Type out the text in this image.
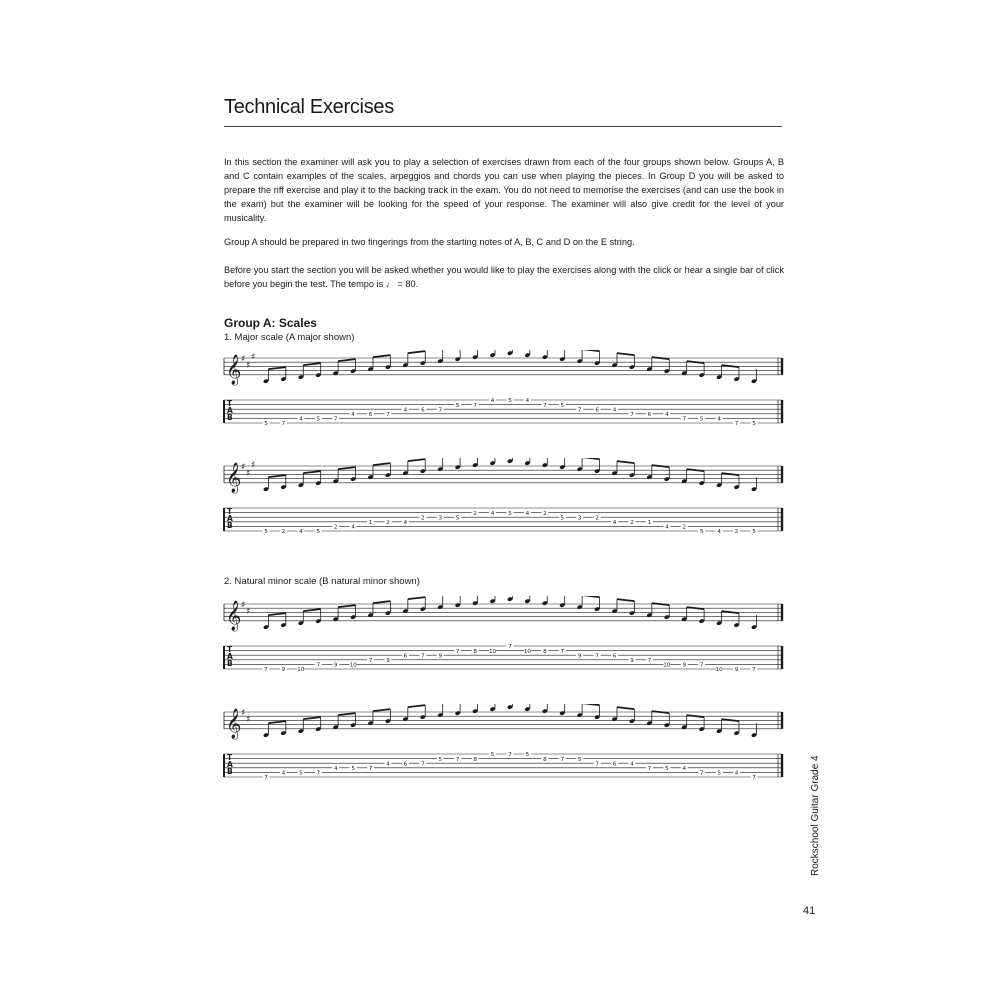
Technical Exercises

In this section the examiner will ask you to play a selection of exercises drawn from each of the four groups shown below. Groups A, B and C contain examples of the scales, arpeggios and chords you can use when playing the pieces. In Group D you will be asked to prepare the riff exercise and play it to the backing track in the exam. You do not need to memorise the exercises (and can use the book in the exam) but the examiner will be looking for the speed of your response. The examiner will also give credit for the level of your musicality.

Group A should be prepared in two fingerings from the starting notes of A, B, C and D on the E string.

Before you start the section you will be asked whether you would like to play the exercises along with the click or hear a single bar of click before you begin the test. The tempo is ♩ = 80.

Group A: Scales

1. Major scale (A major shown)

2. Natural minor scale (B natural minor shown)

𝄞 ♯
♯
♯
T
A
B
5 7
4 5 7
4 6 7
4 6 7
5 7
4 5 4
7 5
7 6 4
7 6 4
7 5 4
7 5
𝄞 ♯
♯
♯
T
A
B
5 2 4 5
2 4
1 2 4
2 3 5
2 4 5 4 2
5 3 2
4 2 1
4 2
5 4 2 5
𝄞 ♯
♯
T
A
B
7 9 10
7 9 10
7 9
6 7 9
7 8 10
7
10 8 7
9 7 6
9 7
10 9 7
10 9 7
𝄞 ♯
♯
T
A
B
7
4 5 7
4 5 7
4 6 7
5 7 8
5 7 5
8 7 5
7 6 4
7 5 4
7 5 4
7	Rockschool Guitar Grade 4
41
